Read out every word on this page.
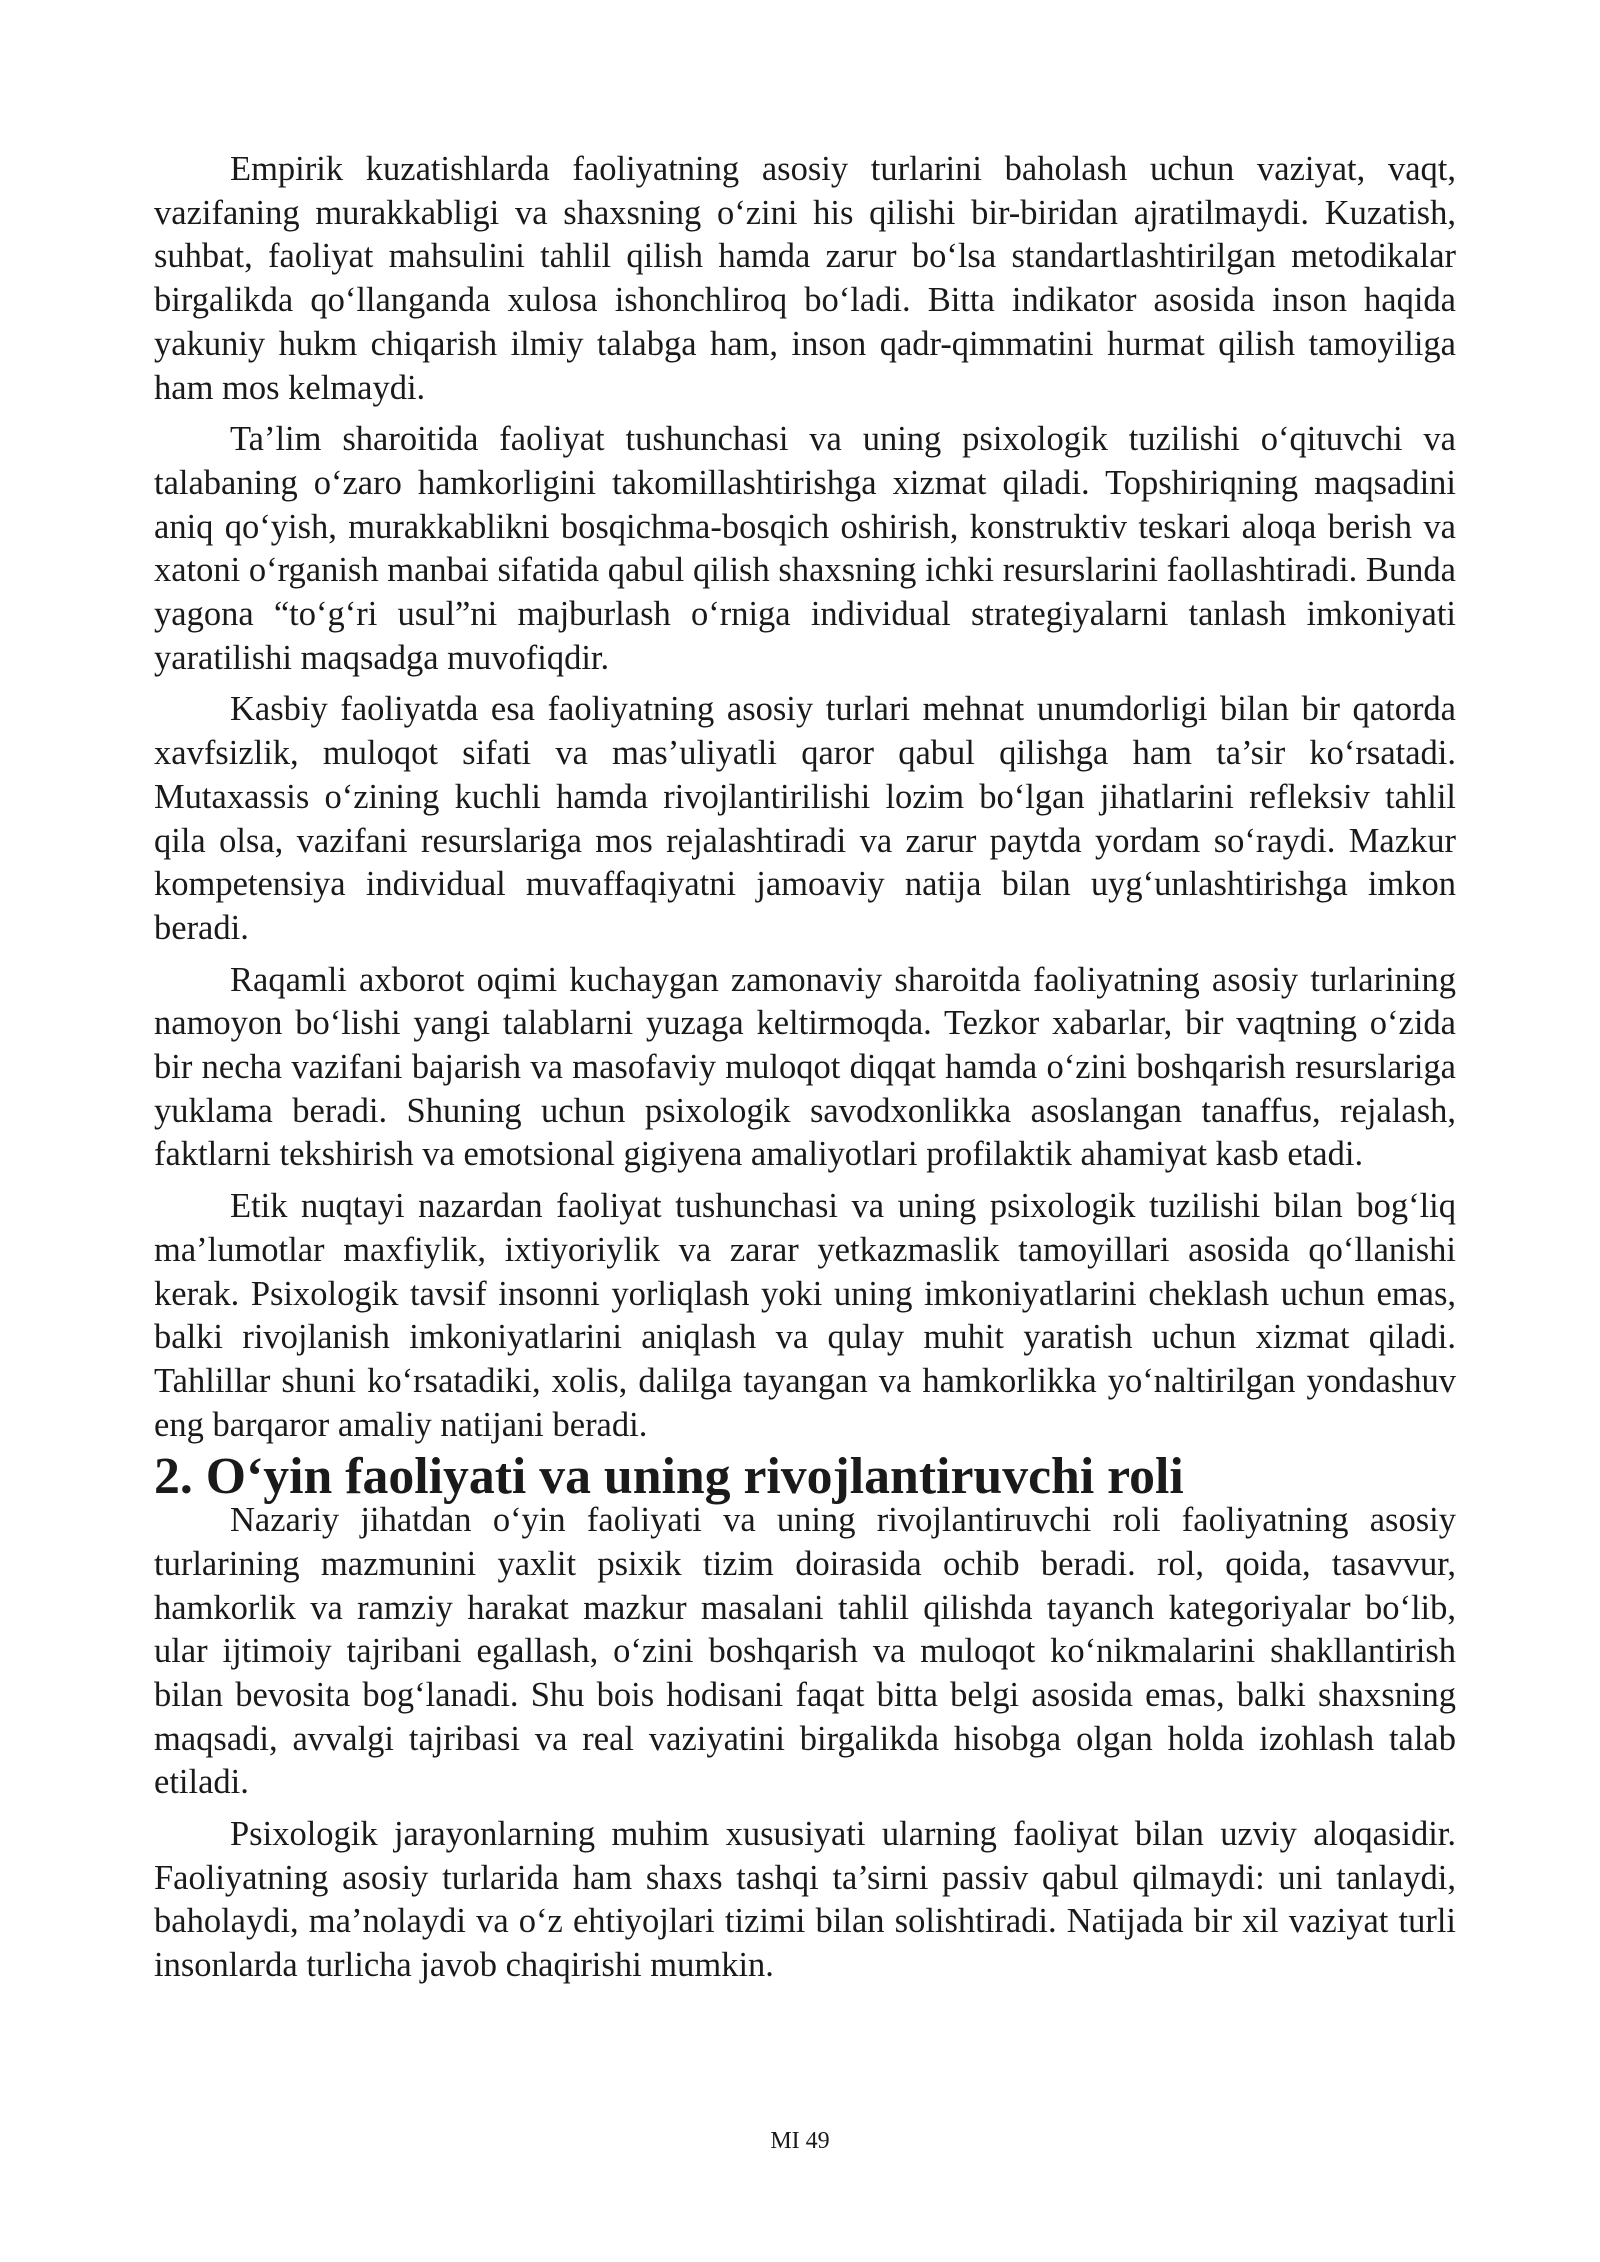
Empirik kuzatishlarda faoliyatning asosiy turlarini baholash uchun vaziyat, vaqt, vazifaning murakkabligi va shaxsning o‘zini his qilishi bir-biridan ajratilmaydi. Kuzatish, suhbat, faoliyat mahsulini tahlil qilish hamda zarur bo‘lsa standartlashtirilgan metodikalar birgalikda qo‘llanganda xulosa ishonchliroq bo‘ladi. Bitta indikator asosida inson haqida yakuniy hukm chiqarish ilmiy talabga ham, inson qadr-qimmatini hurmat qilish tamoyiliga ham mos kelmaydi.

Ta’lim sharoitida faoliyat tushunchasi va uning psixologik tuzilishi o‘qituvchi va talabaning o‘zaro hamkorligini takomillashtirishga xizmat qiladi. Topshiriqning maqsadini aniq qo‘yish, murakkablikni bosqichma-bosqich oshirish, konstruktiv teskari aloqa berish va xatoni o‘rganish manbai sifatida qabul qilish shaxsning ichki resurslarini faollashtiradi. Bunda yagona “to‘g‘ri usul”ni majburlash o‘rniga individual strategiyalarni tanlash imkoniyati yaratilishi maqsadga muvofiqdir.

Kasbiy faoliyatda esa faoliyatning asosiy turlari mehnat unumdorligi bilan bir qatorda xavfsizlik, muloqot sifati va mas’uliyatli qaror qabul qilishga ham ta’sir ko‘rsatadi. Mutaxassis o‘zining kuchli hamda rivojlantirilishi lozim bo‘lgan jihatlarini refleksiv tahlil qila olsa, vazifani resurslariga mos rejalashtiradi va zarur paytda yordam so‘raydi. Mazkur kompetensiya individual muvaffaqiyatni jamoaviy natija bilan uyg‘unlashtirishga imkon beradi.

Raqamli axborot oqimi kuchaygan zamonaviy sharoitda faoliyatning asosiy turlarining namoyon bo‘lishi yangi talablarni yuzaga keltirmoqda. Tezkor xabarlar, bir vaqtning o‘zida bir necha vazifani bajarish va masofaviy muloqot diqqat hamda o‘zini boshqarish resurslariga yuklama beradi. Shuning uchun psixologik savodxonlikka asoslangan tanaffus, rejalash, faktlarni tekshirish va emotsional gigiyena amaliyotlari profilaktik ahamiyat kasb etadi.

Etik nuqtayi nazardan faoliyat tushunchasi va uning psixologik tuzilishi bilan bog‘liq ma’lumotlar maxfiylik, ixtiyoriylik va zarar yetkazmaslik tamoyillari asosida qo‘llanishi kerak. Psixologik tavsif insonni yorliqlash yoki uning imkoniyatlarini cheklash uchun emas, balki rivojlanish imkoniyatlarini aniqlash va qulay muhit yaratish uchun xizmat qiladi. Tahlillar shuni ko‘rsatadiki, xolis, dalilga tayangan va hamkorlikka yo‘naltirilgan yondashuv eng barqaror amaliy natijani beradi.

2. O‘yin faoliyati va uning rivojlantiruvchi roli

Nazariy jihatdan o‘yin faoliyati va uning rivojlantiruvchi roli faoliyatning asosiy turlarining mazmunini yaxlit psixik tizim doirasida ochib beradi. rol, qoida, tasavvur, hamkorlik va ramziy harakat mazkur masalani tahlil qilishda tayanch kategoriyalar bo‘lib, ular ijtimoiy tajribani egallash, o‘zini boshqarish va muloqot ko‘nikmalarini shakllantirish bilan bevosita bog‘lanadi. Shu bois hodisani faqat bitta belgi asosida emas, balki shaxsning maqsadi, avvalgi tajribasi va real vaziyatini birgalikda hisobga olgan holda izohlash talab etiladi.

Psixologik jarayonlarning muhim xususiyati ularning faoliyat bilan uzviy aloqasidir. Faoliyatning asosiy turlarida ham shaxs tashqi ta’sirni passiv qabul qilmaydi: uni tanlaydi, baholaydi, ma’nolaydi va o‘z ehtiyojlari tizimi bilan solishtiradi. Natijada bir xil vaziyat turli insonlarda turlicha javob chaqirishi mumkin.

MI 49
